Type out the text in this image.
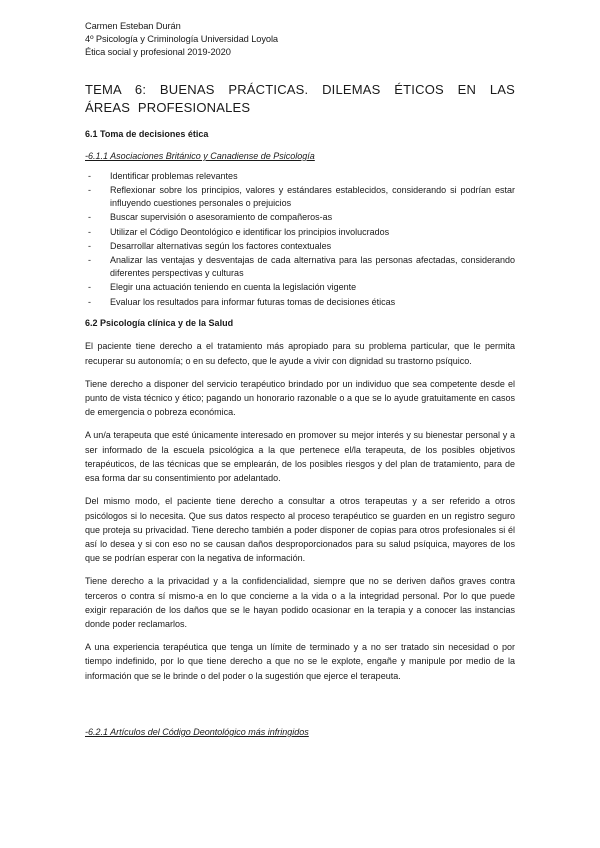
Carmen Esteban Durán
4º Psicología y Criminología Universidad Loyola
Ética social y profesional 2019-2020
TEMA 6: BUENAS PRÁCTICAS. DILEMAS ÉTICOS EN LAS ÁREAS PROFESIONALES
6.1 Toma de decisiones ética
-6.1.1 Asociaciones Británico y Canadiense de Psicología
- Identificar problemas relevantes
- Reflexionar sobre los principios, valores y estándares establecidos, considerando si podrían estar influyendo cuestiones personales o prejuicios
- Buscar supervisión o asesoramiento de compañeros-as
- Utilizar el Código Deontológico e identificar los principios involucrados
- Desarrollar alternativas según los factores contextuales
- Analizar las ventajas y desventajas de cada alternativa para las personas afectadas, considerando diferentes perspectivas y culturas
- Elegir una actuación teniendo en cuenta la legislación vigente
- Evaluar los resultados para informar futuras tomas de decisiones éticas
6.2 Psicología clínica y de la Salud

El paciente tiene derecho a el tratamiento más apropiado para su problema particular, que le permita recuperar su autonomía; o en su defecto, que le ayude a vivir con dignidad su trastorno psíquico.

Tiene derecho a disponer del servicio terapéutico brindado por un individuo que sea competente desde el punto de vista técnico y ético; pagando un honorario razonable o a que se lo ayude gratuitamente en casos de emergencia o pobreza económica.

A un/a terapeuta que esté únicamente interesado en promover su mejor interés y su bienestar personal y a ser informado de la escuela psicológica a la que pertenece el/la terapeuta, de los posibles objetivos terapéuticos, de las técnicas que se emplearán, de los posibles riesgos y del plan de tratamiento, para de esa forma dar su consentimiento por adelantado.

Del mismo modo, el paciente tiene derecho a consultar a otros terapeutas y a ser referido a otros psicólogos si lo necesita. Que sus datos respecto al proceso terapéutico se guarden en un registro seguro que proteja su privacidad. Tiene derecho también a poder disponer de copias para otros profesionales si él así lo desea y si con eso no se causan daños desproporcionados para su salud psíquica, mayores de los que se podrían esperar con la negativa de información.

Tiene derecho a la privacidad y a la confidencialidad, siempre que no se deriven daños graves contra terceros o contra sí mismo-a en lo que concierne a la vida o a la integridad personal. Por lo que puede exigir reparación de los daños que se le hayan podido ocasionar en la terapia y a conocer las instancias donde poder reclamarlos.

A una experiencia terapéutica que tenga un límite de terminado y a no ser tratado sin necesidad o por tiempo indefinido, por lo que tiene derecho a que no se le explote, engañe y manipule por medio de la información que se le brinde o del poder o la sugestión que ejerce el terapeuta.

-6.2.1 Artículos del Código Deontológico más infringidos
